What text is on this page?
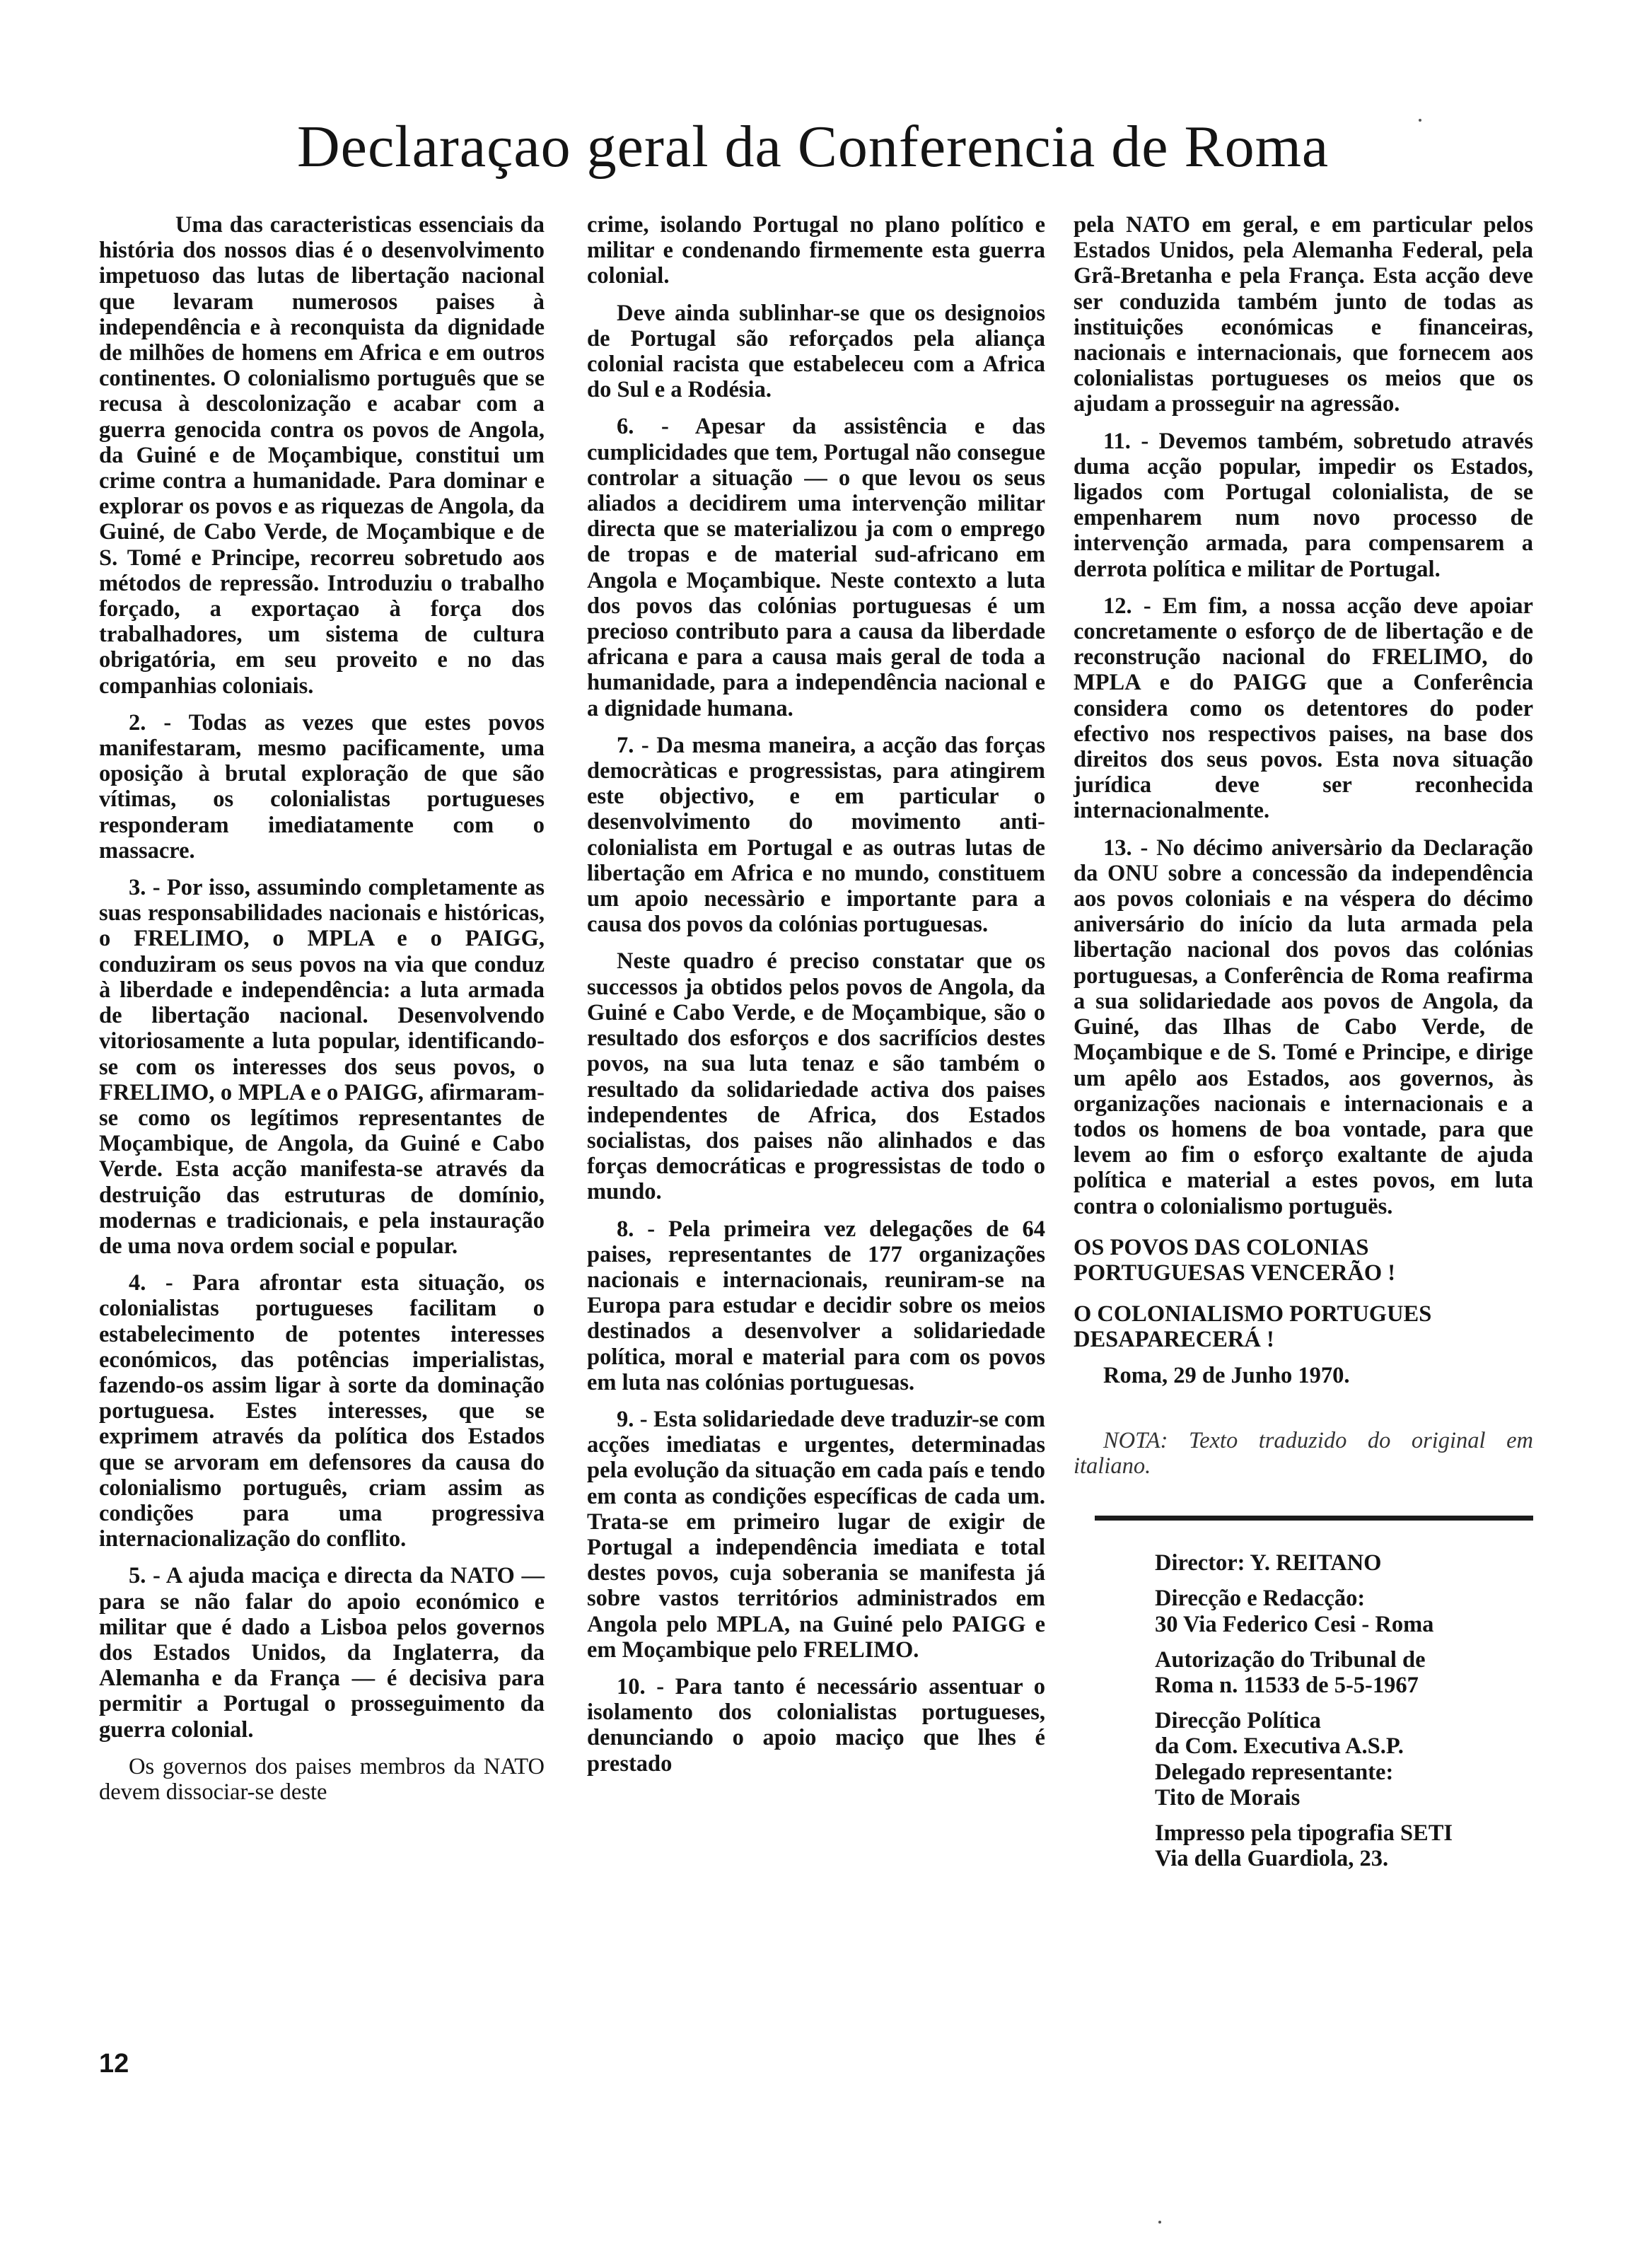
Declaraçao geral da Conferencia de Roma

Uma das caracteristicas essenciais da história dos nossos dias é o desenvolvimento impetuoso das lutas de libertação nacional que levaram numerosos paises à independência e à reconquista da dignidade de milhões de homens em Africa e em outros continentes. O colonialismo português que se recusa à descolonização e acabar com a guerra genocida contra os povos de Angola, da Guiné e de Moçambique, constitui um crime contra a humanidade. Para dominar e explorar os povos e as riquezas de Angola, da Guiné, de Cabo Verde, de Moçambique e de S. Tomé e Principe, recorreu sobretudo aos métodos de repressão. Introduziu o trabalho forçado, a exportaçao à força dos trabalhadores, um sistema de cultura obrigatória, em seu proveito e no das companhias coloniais.

2. - Todas as vezes que estes povos manifestaram, mesmo pacificamente, uma oposição à brutal exploração de que são vítimas, os colonialistas portugueses responderam imediatamente com o massacre.

3. - Por isso, assumindo completamente as suas responsabilidades nacionais e históricas, o FRELIMO, o MPLA e o PAIGG, conduziram os seus povos na via que conduz à liberdade e independência: a luta armada de libertação nacional. Desenvolvendo vitoriosamente a luta popular, identificando-se com os interesses dos seus povos, o FRELIMO, o MPLA e o PAIGG, afirmaram-se como os legítimos representantes de Moçambique, de Angola, da Guiné e Cabo Verde. Esta acção manifesta-se através da destruição das estruturas de domínio, modernas e tradicionais, e pela instauração de uma nova ordem social e popular.

4. - Para afrontar esta situação, os colonialistas portugueses facilitam o estabelecimento de potentes interesses económicos, das potências imperialistas, fazendo-os assim ligar à sorte da dominação portuguesa. Estes interesses, que se exprimem através da política dos Estados que se arvoram em defensores da causa do colonialismo português, criam assim as condições para uma progressiva internacionalização do conflito.

5. - A ajuda maciça e directa da NATO — para se não falar do apoio económico e militar que é dado a Lisboa pelos governos dos Estados Unidos, da Inglaterra, da Alemanha e da França — é decisiva para permitir a Portugal o prosseguimento da guerra colonial.

Os governos dos paises membros da NATO devem dissociar-se deste

crime, isolando Portugal no plano político e militar e condenando firmemente esta guerra colonial.

Deve ainda sublinhar-se que os designoios de Portugal são reforçados pela aliança colonial racista que estabeleceu com a Africa do Sul e a Rodésia.

6. - Apesar da assistência e das cumplicidades que tem, Portugal não consegue controlar a situação — o que levou os seus aliados a decidirem uma intervenção militar directa que se materializou ja com o emprego de tropas e de material sud-africano em Angola e Moçambique. Neste contexto a luta dos povos das colónias portuguesas é um precioso contributo para a causa da liberdade africana e para a causa mais geral de toda a humanidade, para a independência nacional e a dignidade humana.

7. - Da mesma maneira, a acção das forças democràticas e progressistas, para atingirem este objectivo, e em particular o desenvolvimento do movimento anti-colonialista em Portugal e as outras lutas de libertação em Africa e no mundo, constituem um apoio necessàrio e importante para a causa dos povos da colónias portuguesas.

Neste quadro é preciso constatar que os successos ja obtidos pelos povos de Angola, da Guiné e Cabo Verde, e de Moçambique, são o resultado dos esforços e dos sacrifícios destes povos, na sua luta tenaz e são também o resultado da solidariedade activa dos paises independentes de Africa, dos Estados socialistas, dos paises não alinhados e das forças democráticas e progressistas de todo o mundo.

8. - Pela primeira vez delegações de 64 paises, representantes de 177 organizações nacionais e internacionais, reuniram-se na Europa para estudar e decidir sobre os meios destinados a desenvolver a solidariedade política, moral e material para com os povos em luta nas colónias portuguesas.

9. - Esta solidariedade deve traduzir-se com acções imediatas e urgentes, determinadas pela evolução da situação em cada país e tendo em conta as condições específicas de cada um. Trata-se em primeiro lugar de exigir de Portugal a independência imediata e total destes povos, cuja soberania se manifesta já sobre vastos territórios administrados em Angola pelo MPLA, na Guiné pelo PAIGG e em Moçambique pelo FRELIMO.

10. - Para tanto é necessário assentuar o isolamento dos colonialistas portugueses, denunciando o apoio maciço que lhes é prestado

pela NATO em geral, e em particular pelos Estados Unidos, pela Alemanha Federal, pela Grã-Bretanha e pela França. Esta acção deve ser conduzida também junto de todas as instituições económicas e financeiras, nacionais e internacionais, que fornecem aos colonialistas portugueses os meios que os ajudam a prosseguir na agressão.

11. - Devemos também, sobretudo através duma acção popular, impedir os Estados, ligados com Portugal colonialista, de se empenharem num novo processo de intervenção armada, para compensarem a derrota política e militar de Portugal.

12. - Em fim, a nossa acção deve apoiar concretamente o esforço de de libertação e de reconstrução nacional do FRELIMO, do MPLA e do PAIGG que a Conferência considera como os detentores do poder efectivo nos respectivos paises, na base dos direitos dos seus povos. Esta nova situação jurídica deve ser reconhecida internacionalmente.

13. - No décimo aniversàrio da Declaração da ONU sobre a concessão da independência aos povos coloniais e na véspera do décimo aniversário do início da luta armada pela libertação nacional dos povos das colónias portuguesas, a Conferência de Roma reafirma a sua solidariedade aos povos de Angola, da Guiné, das Ilhas de Cabo Verde, de Moçambique e de S. Tomé e Principe, e dirige um apêlo aos Estados, aos governos, às organizações nacionais e internacionais e a todos os homens de boa vontade, para que levem ao fim o esforço exaltante de ajuda política e material a estes povos, em luta contra o colonialismo portuguës.

OS POVOS DAS COLONIAS PORTUGUESAS VENCERÃO !

O COLONIALISMO PORTUGUES DESAPARECERÁ !

Roma, 29 de Junho 1970.

NOTA: Texto traduzido do original em italiano.

Director: Y. REITANO
Direcção e Redacção:
30 Via Federico Cesi - Roma
Autorização do Tribunal de
Roma n. 11533 de 5-5-1967
Direcção Política
da Com. Executiva A.S.P.
Delegado representante:
Tito de Morais
Impresso pela tipografia SETI
Via della Guardiola, 23.
12
